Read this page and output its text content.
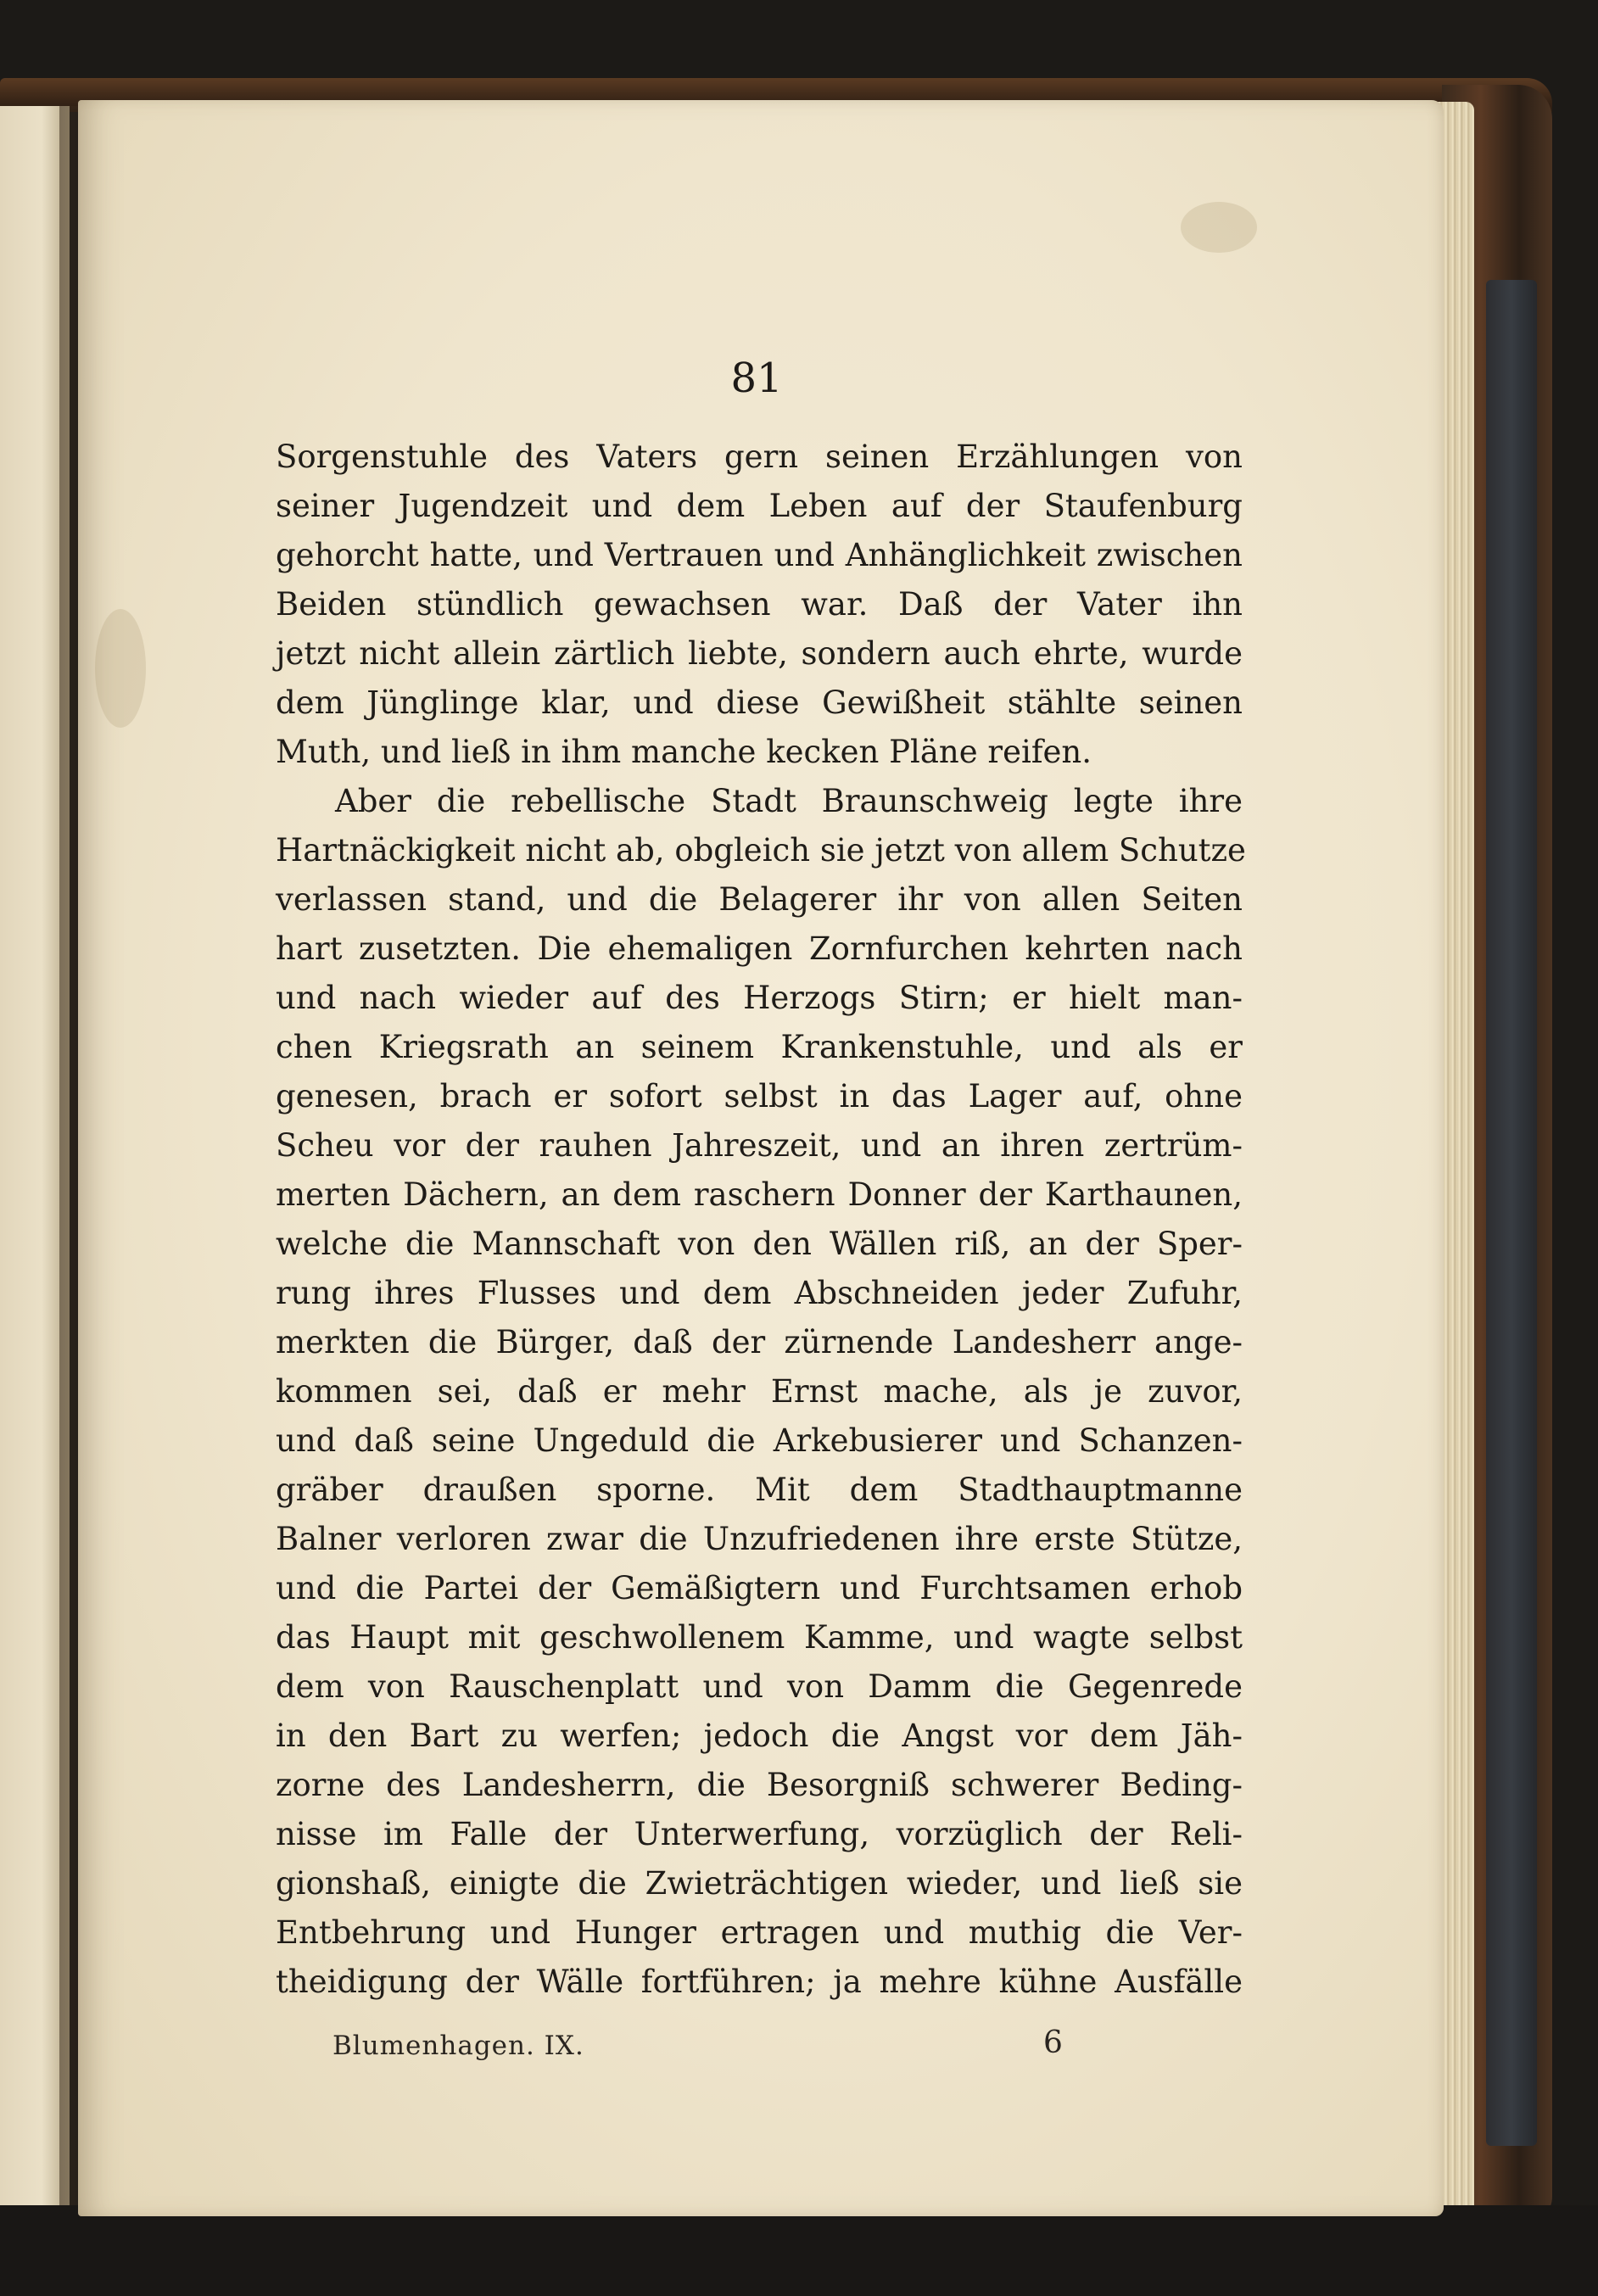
81
Sorgenstuhle des Vaters gern seinen Erzählungen von
seiner Jugendzeit und dem Leben auf der Staufenburg
gehorcht hatte, und Vertrauen und Anhänglichkeit zwischen
Beiden stündlich gewachsen war. Daß der Vater ihn
jetzt nicht allein zärtlich liebte, sondern auch ehrte, wurde
dem Jünglinge klar, und diese Gewißheit stählte seinen
Muth, und ließ in ihm manche kecken Pläne reifen.
Aber die rebellische Stadt Braunschweig legte ihre
Hartnäckigkeit nicht ab, obgleich sie jetzt von allem Schutze
verlassen stand, und die Belagerer ihr von allen Seiten
hart zusetzten. Die ehemaligen Zornfurchen kehrten nach
und nach wieder auf des Herzogs Stirn; er hielt man-
chen Kriegsrath an seinem Krankenstuhle, und als er
genesen, brach er sofort selbst in das Lager auf, ohne
Scheu vor der rauhen Jahreszeit, und an ihren zertrüm-
merten Dächern, an dem raschern Donner der Karthaunen,
welche die Mannschaft von den Wällen riß, an der Sper-
rung ihres Flusses und dem Abschneiden jeder Zufuhr,
merkten die Bürger, daß der zürnende Landesherr ange-
kommen sei, daß er mehr Ernst mache, als je zuvor,
und daß seine Ungeduld die Arkebusierer und Schanzen-
gräber draußen sporne. Mit dem Stadthauptmanne
Balner verloren zwar die Unzufriedenen ihre erste Stütze,
und die Partei der Gemäßigtern und Furchtsamen erhob
das Haupt mit geschwollenem Kamme, und wagte selbst
dem von Rauschenplatt und von Damm die Gegenrede
in den Bart zu werfen; jedoch die Angst vor dem Jäh-
zorne des Landesherrn, die Besorgniß schwerer Beding-
nisse im Falle der Unterwerfung, vorzüglich der Reli-
gionshaß, einigte die Zwieträchtigen wieder, und ließ sie
Entbehrung und Hunger ertragen und muthig die Ver-
theidigung der Wälle fortführen; ja mehre kühne Ausfälle
Blumenhagen. IX.	6
